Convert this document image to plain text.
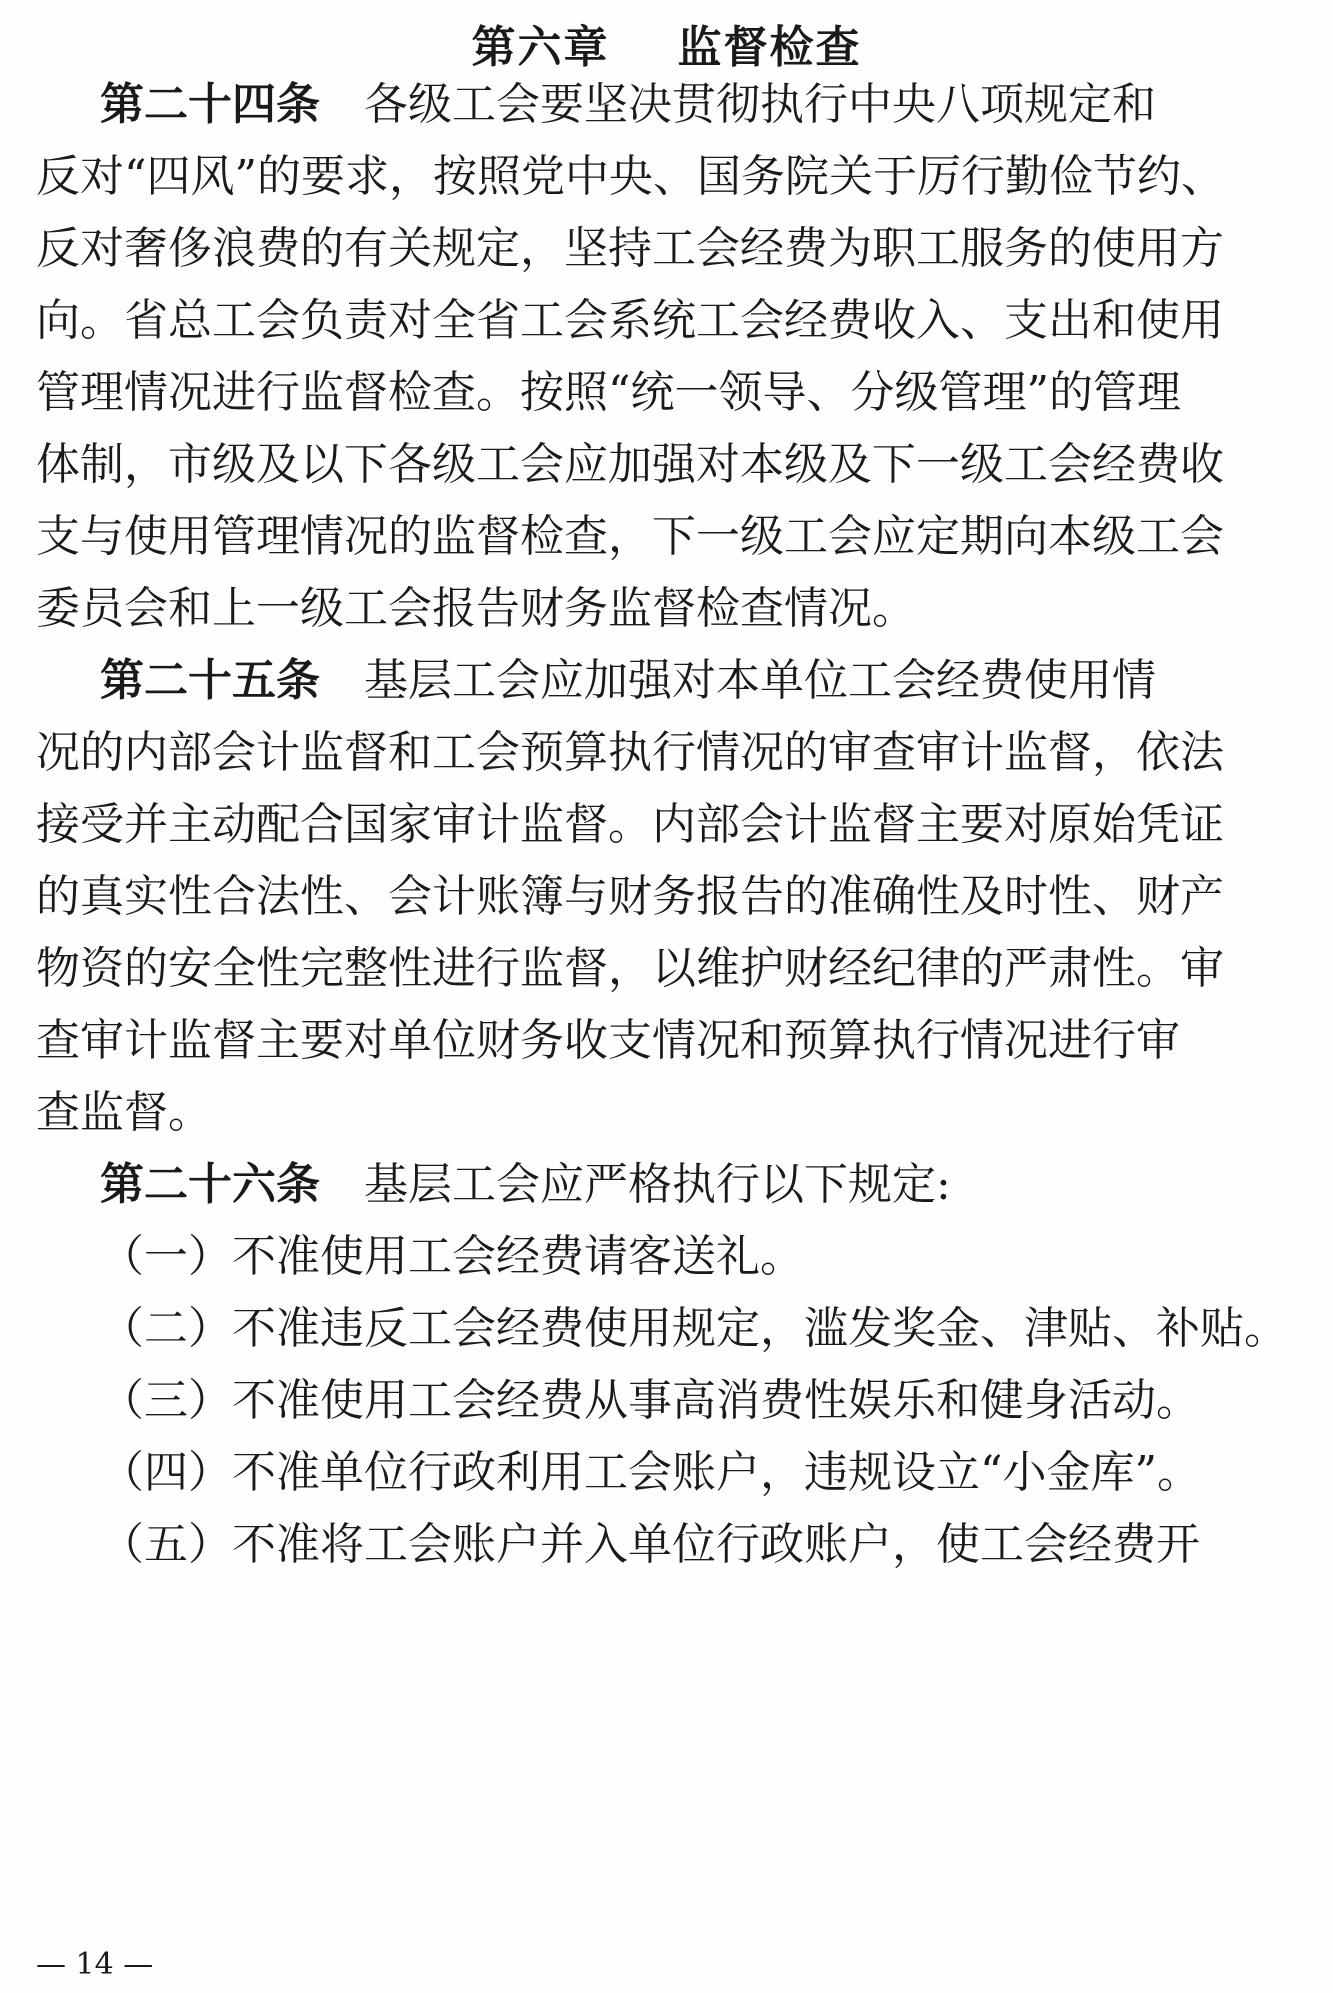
第六章 监督检查
第二十四条 各级工会要坚决贯彻执行中央八项规定和
反对“四风”的要求，按照党中央、国务院关于厉行勤俭节约、
反对奢侈浪费的有关规定，坚持工会经费为职工服务的使用方
向。省总工会负责对全省工会系统工会经费收入、支出和使用
管理情况进行监督检查。按照“统一领导、分级管理”的管理
体制，市级及以下各级工会应加强对本级及下一级工会经费收
支与使用管理情况的监督检查，下一级工会应定期向本级工会
委员会和上一级工会报告财务监督检查情况。
第二十五条 基层工会应加强对本单位工会经费使用情
况的内部会计监督和工会预算执行情况的审查审计监督，依法
接受并主动配合国家审计监督。内部会计监督主要对原始凭证
的真实性合法性、会计账簿与财务报告的准确性及时性、财产
物资的安全性完整性进行监督，以维护财经纪律的严肃性。审
查审计监督主要对单位财务收支情况和预算执行情况进行审
查监督。
第二十六条 基层工会应严格执行以下规定:
（一）不准使用工会经费请客送礼。
（二）不准违反工会经费使用规定，滥发奖金、津贴、补贴。
（三）不准使用工会经费从事高消费性娱乐和健身活动。
（四）不准单位行政利用工会账户，违规设立“小金库”。
（五）不准将工会账户并入单位行政账户，使工会经费开
— 14 —
